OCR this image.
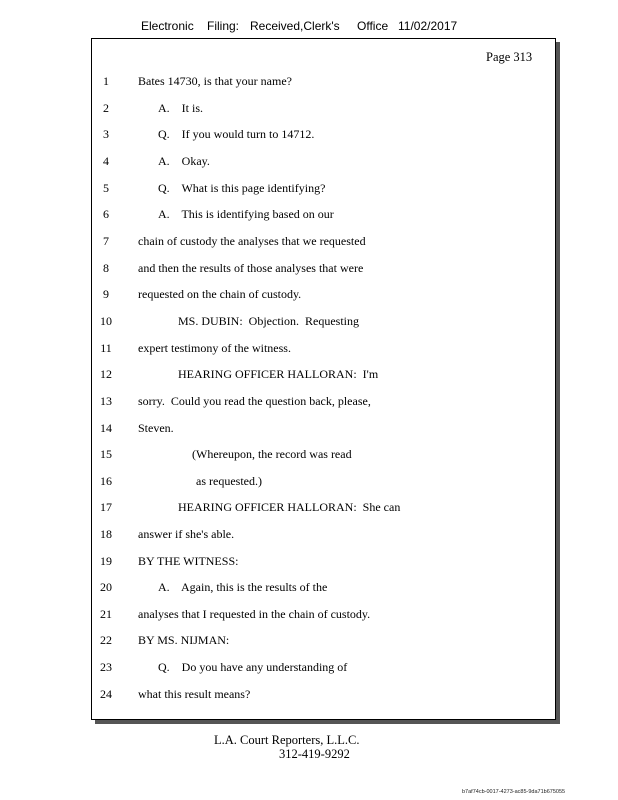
Electronic Filing: Received,Clerk's Office 11/02/2017
Page 313
1	Bates 14730, is that your name?
2	A.    It is.
3	Q.    If you would turn to 14712.
4	A.    Okay.
5	Q.    What is this page identifying?
6	A.    This is identifying based on our
7	chain of custody the analyses that we requested
8	and then the results of those analyses that were
9	requested on the chain of custody.
10	MS. DUBIN:  Objection.  Requesting
11	expert testimony of the witness.
12	HEARING OFFICER HALLORAN:  I'm
13	sorry.  Could you read the question back, please,
14	Steven.
15	(Whereupon, the record was read
16	as requested.)
17	HEARING OFFICER HALLORAN:  She can
18	answer if she's able.
19	BY THE WITNESS:
20	A.    Again, this is the results of the
21	analyses that I requested in the chain of custody.
22	BY MS. NIJMAN:
23	Q.    Do you have any understanding of
24	what this result means?
L.A. Court Reporters, L.L.C.
312-419-9292
b7af74cb-0017-4273-ac85-9da71b675055
